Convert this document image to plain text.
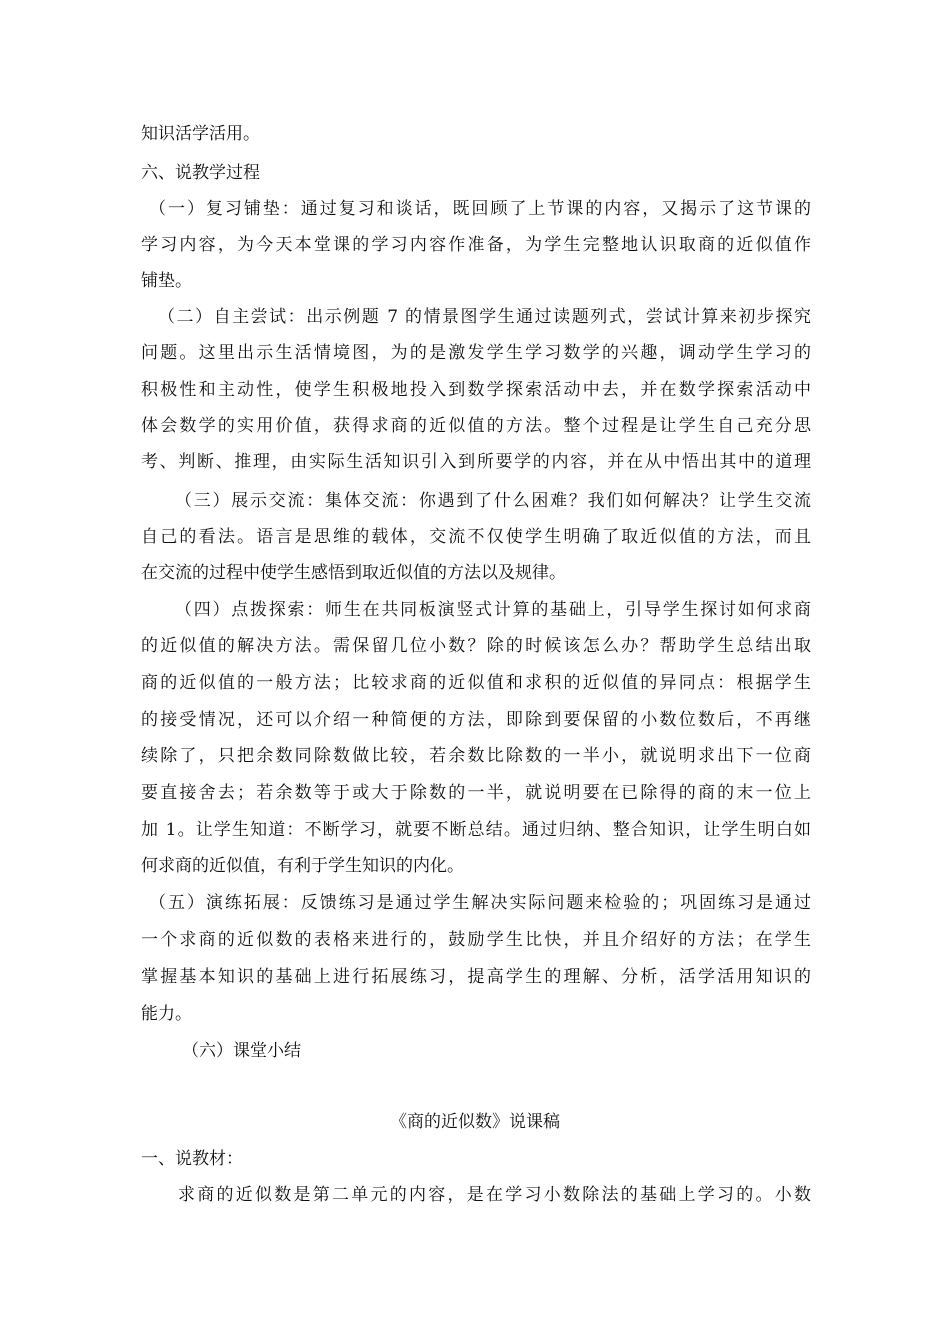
知识活学活用。
六、说教学过程
（一）复习铺垫：通过复习和谈话，既回顾了上节课的内容，又揭示了这节课的
学习内容，为今天本堂课的学习内容作准备，为学生完整地认识取商的近似值作
铺垫。
（二）自主尝试：出示例题 7 的情景图学生通过读题列式，尝试计算来初步探究
问题。这里出示生活情境图，为的是激发学生学习数学的兴趣，调动学生学习的
积极性和主动性，使学生积极地投入到数学探索活动中去，并在数学探索活动中
体会数学的实用价值，获得求商的近似值的方法。整个过程是让学生自己充分思
考、判断、推理，由实际生活知识引入到所要学的内容，并在从中悟出其中的道理
（三）展示交流：集体交流：你遇到了什么困难？我们如何解决？让学生交流
自己的看法。语言是思维的载体，交流不仅使学生明确了取近似值的方法，而且
在交流的过程中使学生感悟到取近似值的方法以及规律。
（四）点拨探索：师生在共同板演竖式计算的基础上，引导学生探讨如何求商
的近似值的解决方法。需保留几位小数？除的时候该怎么办？帮助学生总结出取
商的近似值的一般方法；比较求商的近似值和求积的近似值的异同点：根据学生
的接受情况，还可以介绍一种简便的方法，即除到要保留的小数位数后，不再继
续除了，只把余数同除数做比较，若余数比除数的一半小，就说明求出下一位商
要直接舍去；若余数等于或大于除数的一半，就说明要在已除得的商的末一位上
加 1。让学生知道：不断学习，就要不断总结。通过归纳、整合知识，让学生明白如
何求商的近似值，有利于学生知识的内化。
（五）演练拓展：反馈练习是通过学生解决实际问题来检验的；巩固练习是通过
一个求商的近似数的表格来进行的，鼓励学生比快，并且介绍好的方法；在学生
掌握基本知识的基础上进行拓展练习，提高学生的理解、分析，活学活用知识的
能力。
（六）课堂小结
《商的近似数》说课稿
一、说教材：
求商的近似数是第二单元的内容，是在学习小数除法的基础上学习的。小数
